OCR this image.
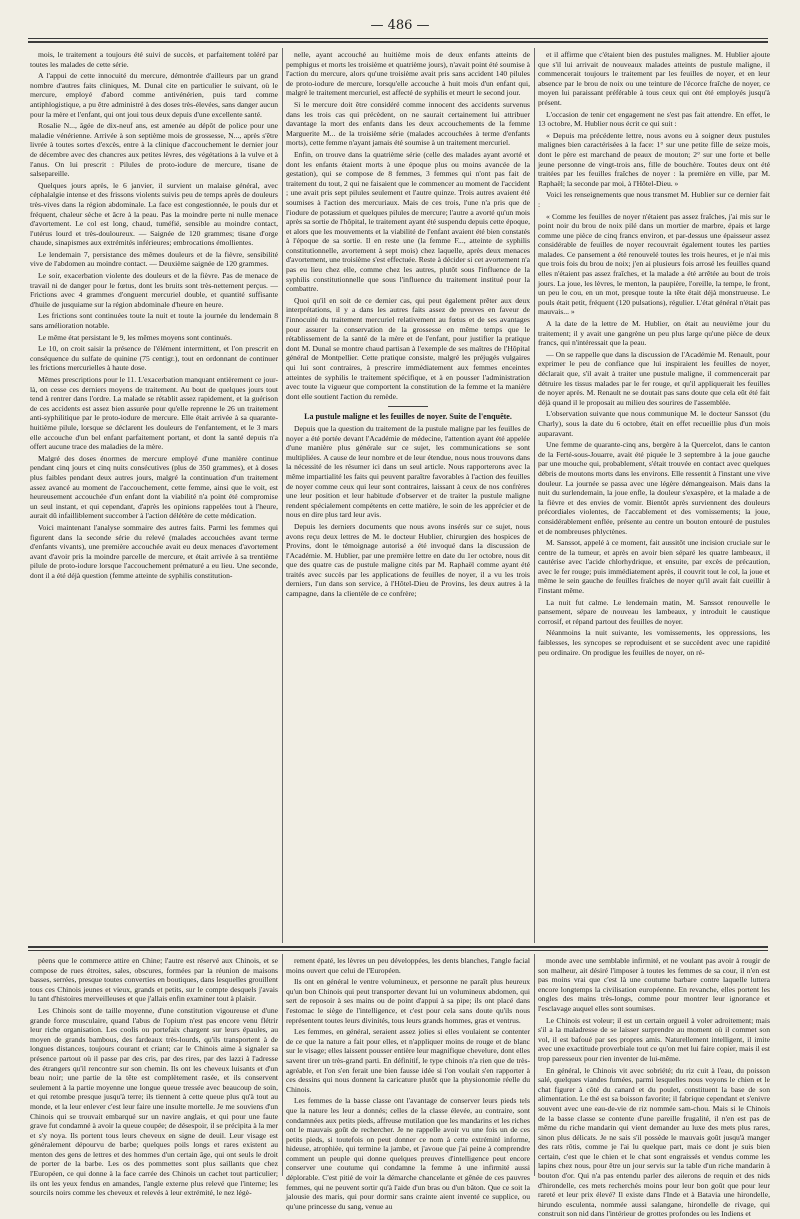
— 486 —

mois, le traitement a toujours été suivi de succès, et parfaitement toléré par toutes les malades de cette série.

A l'appui de cette innocuité du mercure, démontrée d'ailleurs par un grand nombre d'autres faits cliniques, M. Dunal cite en particulier le suivant, où le mercure, employé d'abord comme antivénérien, puis tard comme antiphlogistique, a pu être administré à des doses très-élevées, sans danger aucun pour la mère et l'enfant, qui ont joui tous deux depuis d'une excellente santé.

Rosalie N..., âgée de dix-neuf ans, est amenée au dépôt de police pour une maladie vénérienne. Arrivée à son septième mois de grossesse, N..., après s'être livrée à toutes sortes d'excès, entre à la clinique d'accouchement le dernier jour de décembre avec des chancres aux petites lèvres, des végétations à la vulve et à l'anus. On lui prescrit : Pilules de proto-iodure de mercure, tisane de salsepareille.

Quelques jours après, le 6 janvier, il survient un malaise général, avec céphalalgie intense et des frissons violents suivis peu de temps après de douleurs très-vives dans la région abdominale. La face est congestionnée, le pouls dur et fréquent, chaleur sèche et âcre à la peau. Pas la moindre perte ni nulle menace d'avortement. Le col est long, chaud, tuméfié, sensible au moindre contact, l'utérus lourd et très-douloureux. — Saignée de 120 grammes; tisane d'orge chaude, sinapismes aux extrémités inférieures; embrocations émollientes.

Le lendemain 7, persistance des mêmes douleurs et de la fièvre, sensibilité vive de l'abdomen au moindre contact. — Deuxième saignée de 120 grammes.

Le soir, exacerbation violente des douleurs et de la fièvre. Pas de menace de travail ni de danger pour le fœtus, dont les bruits sont très-nettement perçus. — Frictions avec 4 grammes d'onguent mercuriel double, et quantité suffisante d'huile de jusquiame sur la région abdominale d'heure en heure.

Les frictions sont continuées toute la nuit et toute la journée du lendemain 8 sans amélioration notable.

Le même état persistant le 9, les mêmes moyens sont continués.

Le 10, on croit saisir la présence de l'élément intermittent, et l'on prescrit en conséquence du sulfate de quinine (75 centigr.), tout en ordonnant de continuer les frictions mercurielles à haute dose.

Mêmes prescriptions pour le 11. L'exacerbation manquant entièrement ce jour-là, on cesse ces derniers moyens de traitement. Au bout de quelques jours tout tend à rentrer dans l'ordre. La malade se rétablit assez rapidement, et la guérison de ces accidents est assez bien assurée pour qu'elle reprenne le 26 un traitement anti-syphilitique par le proto-iodure de mercure. Elle était arrivée à sa quarante-huitième pilule, lorsque se déclarent les douleurs de l'enfantement, et le 3 mars elle accouche d'un bel enfant parfaitement portant, et dont la santé depuis n'a offert aucune trace des maladies de la mère.

Malgré des doses énormes de mercure employé d'une manière continue pendant cinq jours et cinq nuits consécutives (plus de 350 grammes), et à doses plus faibles pendant deux autres jours, malgré la continuation d'un traitement assez avancé au moment de l'accouchement, cette femme, ainsi que le voit, est heureusement accouchée d'un enfant dont la viabilité n'a point été compromise un seul instant, et qui cependant, d'après les opinions rappelées tout à l'heure, aurait dû infailliblement succomber à l'action délétère de cette médication.

Voici maintenant l'analyse sommaire des autres faits. Parmi les femmes qui figurent dans la seconde série du relevé (malades accouchées avant terme d'enfants vivants), une première accouchée avait eu deux menaces d'avortement avant d'avoir pris la moindre parcelle de mercure, et était arrivée à sa trentième pilule de proto-iodure lorsque l'accouchement prématuré a eu lieu. Une seconde, dont il a été déjà question (femme atteinte de syphilis constitution-

nelle, ayant accouché au huitième mois de deux enfants atteints de pemphigus et morts les troisième et quatrième jours), n'avait point été soumise à l'action du mercure, alors qu'une troisième avait pris sans accident 140 pilules de proto-iodure de mercure, lorsqu'elle accouche à huit mois d'un enfant qui, malgré le traitement mercuriel, est affecté de syphilis et meurt le second jour.

Si le mercure doit être considéré comme innocent des accidents survenus dans les trois cas qui précèdent, on ne saurait certainement lui attribuer davantage la mort des enfants dans les deux accouchements de la femme Marguerite M... de la troisième série (malades accouchées à terme d'enfants morts), cette femme n'ayant jamais été soumise à un traitement mercuriel.

Enfin, on trouve dans la quatrième série (celle des malades ayant avorté et dont les enfants étaient morts à une époque plus ou moins avancée de la gestation), qui se compose de 8 femmes, 3 femmes qui n'ont pas fait de traitement du tout, 2 qui ne faisaient que le commencer au moment de l'accident ; une avait pris sept pilules seulement et l'autre quinze. Trois autres avaient été soumises à l'action des mercuriaux. Mais de ces trois, l'une n'a pris que de l'iodure de potassium et quelques pilules de mercure; l'autre a avorté qu'un mois après sa sortie de l'hôpital, le traitement ayant été suspendu depuis cette époque, et alors que les mouvements et la viabilité de l'enfant avaient été bien constatés à l'époque de sa sortie. Il en reste une (la femme F..., atteinte de syphilis constitutionnelle, avortement à sept mois) chez laquelle, après deux menaces d'avortement, une troisième s'est effectuée. Reste à décider si cet avortement n'a pas eu lieu chez elle, comme chez les autres, plutôt sous l'influence de la syphilis constitutionnelle que sous l'influence du traitement institué pour la combattre.

Quoi qu'il en soit de ce dernier cas, qui peut également prêter aux deux interprétations, il y a dans les autres faits assez de preuves en faveur de l'innocuité du traitement mercuriel relativement au fœtus et de ses avantages pour assurer la conservation de la grossesse en même temps que le rétablissement de la santé de la mère et de l'enfant, pour justifier la pratique dont M. Dunal se montre chaud partisan à l'exemple de ses maîtres de l'Hôpital général de Montpellier. Cette pratique consiste, malgré les préjugés vulgaires qui lui sont contraires, à prescrire immédiatement aux femmes enceintes atteintes de syphilis le traitement spécifique, et à en pousser l'administration avec toute la vigueur que comportent la constitution de la femme et la manière dont elle soutient l'action du remède.

La pustule maligne et les feuilles de noyer. Suite de l'enquête.

Depuis que la question du traitement de la pustule maligne par les feuilles de noyer a été portée devant l'Académie de médecine, l'attention ayant été appelée d'une manière plus générale sur ce sujet, les communications se sont multipliées. A cause de leur nombre et de leur étendue, nous nous trouvons dans la nécessité de les résumer ici dans un seul article. Nous rapporterons avec la même impartialité les faits qui peuvent paraître favorables à l'action des feuilles de noyer comme ceux qui leur sont contraires, laissant à ceux de nos confrères une leur position et leur habitude d'observer et de traiter la pustule maligne rendent spécialement compétents en cette matière, le soin de les apprécier et de nous en dire plus tard leur avis.

Depuis les derniers documents que nous avons insérés sur ce sujet, nous avons reçu deux lettres de M. le docteur Hublier, chirurgien des hospices de Provins, dont le témoignage autorisé a été invoqué dans la discussion de l'Académie. M. Hublier, par une première lettre en date du 1er octobre, nous dit que des quatre cas de pustule maligne cités par M. Raphaël comme ayant été traités avec succès par les applications de feuilles de noyer, il a vu les trois derniers, l'un dans son service, à l'Hôtel-Dieu de Provins, les deux autres à la campagne, dans la clientèle de ce confrère;

et il affirme que c'étaient bien des pustules malignes. M. Hublier ajoute que s'il lui arrivait de nouveaux malades atteints de pustule maligne, il commencerait toujours le traitement par les feuilles de noyer, et en leur absence par le brou de noix ou une teinture de l'écorce fraîche de noyer, ce moyen lui paraissant préférable à tous ceux qui ont été employés jusqu'à présent.

L'occasion de tenir cet engagement ne s'est pas fait attendre. En effet, le 13 octobre, M. Hublier nous écrit ce qui suit :

« Depuis ma précédente lettre, nous avons eu à soigner deux pustules malignes bien caractérisées à la face: 1° sur une petite fille de seize mois, dont le père est marchand de peaux de mouton; 2° sur une forte et belle jeune personne de vingt-trois ans, fille de bouchère. Toutes deux ont été traitées par les feuilles fraîches de noyer : la première en ville, par M. Raphaël; la seconde par moi, à l'Hôtel-Dieu. »

Voici les renseignements que nous transmet M. Hublier sur ce dernier fait :

« Comme les feuilles de noyer n'étaient pas assez fraîches, j'ai mis sur le point noir du brou de noix pilé dans un mortier de marbre, épais et large comme une pièce de cinq francs environ, et par-dessus une épaisseur assez considérable de feuilles de noyer recouvrait également toutes les parties malades. Ce pansement a été renouvelé toutes les trois heures, et je n'ai mis que trois fois du brou de noix; j'en ai plusieurs fois arrosé les feuilles quand elles n'étaient pas assez fraîches, et la malade a été arrêtée au bout de trois jours. La joue, les lèvres, le menton, la paupière, l'oreille, la tempe, le front, un peu le cou, en un mot, presque toute la tête était déjà monstrueuse. Le pouls était petit, fréquent (120 pulsations), régulier. L'état général n'était pas mauvais... »

A la date de la lettre de M. Hublier, on était au neuvième jour du traitement; il y avait une gangrène un peu plus large qu'une pièce de deux francs, qui n'intéressait que la peau.

— On se rappelle que dans la discussion de l'Académie M. Renault, pour exprimer le peu de confiance que lui inspiraient les feuilles de noyer, déclarait que, s'il avait à traiter une pustule maligne, il commencerait par détruire les tissus malades par le fer rouge, et qu'il appliquerait les feuilles de noyer après. M. Renault ne se doutait pas sans doute que cela eût été fait déjà quand il le proposait au milieu des sourires de l'assemblée.

L'observation suivante que nous communique M. le docteur Sanssot (du Charly), sous la date du 6 octobre, était en effet recueillie plus d'un mois auparavant.

Une femme de quarante-cinq ans, bergère à la Quercelot, dans le canton de la Ferté-sous-Jouarre, avait été piquée le 3 septembre à la joue gauche par une mouche qui, probablement, s'était trouvée en contact avec quelques débris de moutons morts dans les environs. Elle ressentit à l'instant une vive douleur. La journée se passa avec une légère démangeaison. Mais dans la nuit du surlendemain, la joue enfle, la douleur s'exaspère, et la malade a de la fièvre et des envies de vomir. Bientôt après surviennent des douleurs précordiales violentes, de l'accablement et des vomissements; la joue, considérablement enflée, présente au centre un bouton entouré de pustules et de nombreuses phlyctènes.

M. Sanssot, appelé à ce moment, fait aussitôt une incision cruciale sur le centre de la tumeur, et après en avoir bien séparé les quatre lambeaux, il cautérise avec l'acide chlorhydrique, et ensuite, par excès de précaution, avec le fer rouge; puis immédiatement après, il couvrit tout le col, la joue et même le sein gauche de feuilles fraîches de noyer qu'il avait fait cueillir à l'instant même.

La nuit fut calme. Le lendemain matin, M. Sanssot renouvelle le pansement, sépare de nouveau les lambeaux, y introduit le caustique corrosif, et répand partout des feuilles de noyer.

Néanmoins la nuit suivante, les vomissements, les oppressions, les faiblesses, les syncopes se reproduisent et se succèdent avec une rapidité peu ordinaire. On prodigue les feuilles de noyer, on ré-

pèens que le commerce attire en Chine; l'autre est réservé aux Chinois, et se compose de rues étroites, sales, obscures, formées par la réunion de maisons basses, serrées, presque toutes converties en boutiques, dans lesquelles grouillent tous ces Chinois jeunes et vieux, grands et petits, sur le compte desquels j'avais lu tant d'histoires merveilleuses et que j'allais enfin examiner tout à plaisir.

Les Chinois sont de taille moyenne, d'une constitution vigoureuse et d'une grande force musculaire, quand l'abus de l'opium n'est pas encore venu flétrir leur riche organisation. Les coolis ou portefaix chargent sur leurs épaules, au moyen de grands bambous, des fardeaux très-lourds, qu'ils transportent à de longues distances, toujours courant et criant; car le Chinois aime à signaler sa présence partout où il passe par des cris, par des rires, par des lazzi à l'adresse des étrangers qu'il rencontre sur son chemin. Ils ont les cheveux luisants et d'un beau noir; une partie de la tête est complètement rasée, et ils conservent seulement à la partie moyenne une longue queue tressée avec beaucoup de soin, et qui retombe presque jusqu'à terre; ils tiennent à cette queue plus qu'à tout au monde, et la leur enlever c'est leur faire une insulte mortelle. Je me souviens d'un Chinois qui se trouvait embarqué sur un navire anglais, et qui pour une faute grave fut condamné à avoir la queue coupée; de désespoir, il se précipita à la mer et s'y noya. Ils portent tous leurs cheveux en signe de deuil. Leur visage est généralement dépourvu de barbe; quelques poils longs et rares existent au menton des gens de lettres et des hommes d'un certain âge, qui ont seuls le droit de porter de la barbe. Les os des pommettes sont plus saillants que chez l'Européen, ce qui donne à la face carrée des Chinois un cachet tout particulier; ils ont les yeux fendus en amandes, l'angle externe plus relevé que l'interne; les sourcils noirs comme les cheveux et relevés à leur extrémité, le nez légè-

rement épaté, les lèvres un peu développées, les dents blanches, l'angle facial moins ouvert que celui de l'Européen.

Ils ont en général le ventre volumineux, et personne ne paraît plus heureux qu'un bon Chinois qui peut transporter devant lui un volumineux abdomen, qui sert de reposoir à ses mains ou de point d'appui à sa pipe; ils ont placé dans l'estomac le siège de l'intelligence, et c'est pour cela sans doute qu'ils nous représentent toutes leurs divinités, tous leurs grands hommes, gras et ventrus.

Les femmes, en général, seraient assez jolies si elles voulaient se contenter de ce que la nature a fait pour elles, et n'appliquer moins de rouge et de blanc sur le visage; elles laissent pousser entière leur magnifique chevelure, dont elles savent tirer un très-grand parti. En définitif, le type chinois n'a rien que de très-agréable, et l'on s'en ferait une bien fausse idée si l'on voulait s'en rapporter à ces dessins qui nous donnent la caricature plutôt que la physionomie réelle du Chinois.

Les femmes de la basse classe ont l'avantage de conserver leurs pieds tels que la nature les leur a donnés; celles de la classe élevée, au contraire, sont condamnées aux petits pieds, affreuse mutilation que les mandarins et les riches ont le mauvais goût de rechercher. Je ne rappelle avoir vu une fois un de ces petits pieds, si toutefois on peut donner ce nom à cette extrémité informe, hideuse, atrophiée, qui termine la jambe, et j'avoue que j'ai peine à comprendre comment un peuple qui donne quelques preuves d'intelligence peut encore conserver une coutume qui condamne la femme à une infirmité aussi déplorable. C'est pitié de voir la démarche chancelante et gênée de ces pauvres femmes, qui ne peuvent sortir qu'à l'aide d'un bras ou d'un bâton. Que ce soit la jalousie des maris, qui pour dormir sans crainte aient inventé ce supplice, ou qu'une princesse du sang, venue au

monde avec une semblable infirmité, et ne voulant pas avoir à rougir de son malheur, ait désiré l'imposer à toutes les femmes de sa cour, il n'en est pas moins vrai que c'est là une coutume barbare contre laquelle luttera encore longtemps la civilisation européenne. En revanche, elles portent les ongles des mains très-longs, comme pour montrer leur ignorance et l'esclavage auquel elles sont soumises.

Le Chinois est voleur; il est un certain orgueil à voler adroitement; mais s'il a la maladresse de se laisser surprendre au moment où il commet son vol, il est bafoué par ses propres amis. Naturellement intelligent, il imite avec une exactitude proverbiale tout ce qu'on met lui faire copier, mais il est trop paresseux pour rien inventer de lui-même.

En général, le Chinois vit avec sobriété; du riz cuit à l'eau, du poisson salé, quelques viandes fumées, parmi lesquelles nous voyons le chien et le chat figurer à côté du canard et du poulet, constituent la base de son alimentation. Le thé est sa boisson favorite; il fabrique cependant et s'enivre souvent avec une eau-de-vie de riz nommée sam-chou. Mais si le Chinois de la basse classe se contente d'une pareille frugalité, il n'en est pas de même du riche mandarin qui vient demander au luxe des mets plus rares, sinon plus délicats. Je ne sais s'il possède le mauvais goût jusqu'à manger des rats rôtis, comme je l'ai lu quelque part, mais ce dont je suis bien certain, c'est que le chien et le chat sont engraissés et vendus comme les lapins chez nous, pour être un jour servis sur la table d'un riche mandarin à bouton d'or. Qui n'a pas entendu parler des ailerons de requin et des nids d'hirondelle, ces mets recherchés moins pour leur bon goût que pour leur rareté et leur prix élevé? Il existe dans l'Inde et à Batavia une hirondelle, hirundo esculenta, nommée aussi salangane, hirondelle de rivage, qui construit son nid dans l'intérieur de grottes profondes ou les Indiens et
